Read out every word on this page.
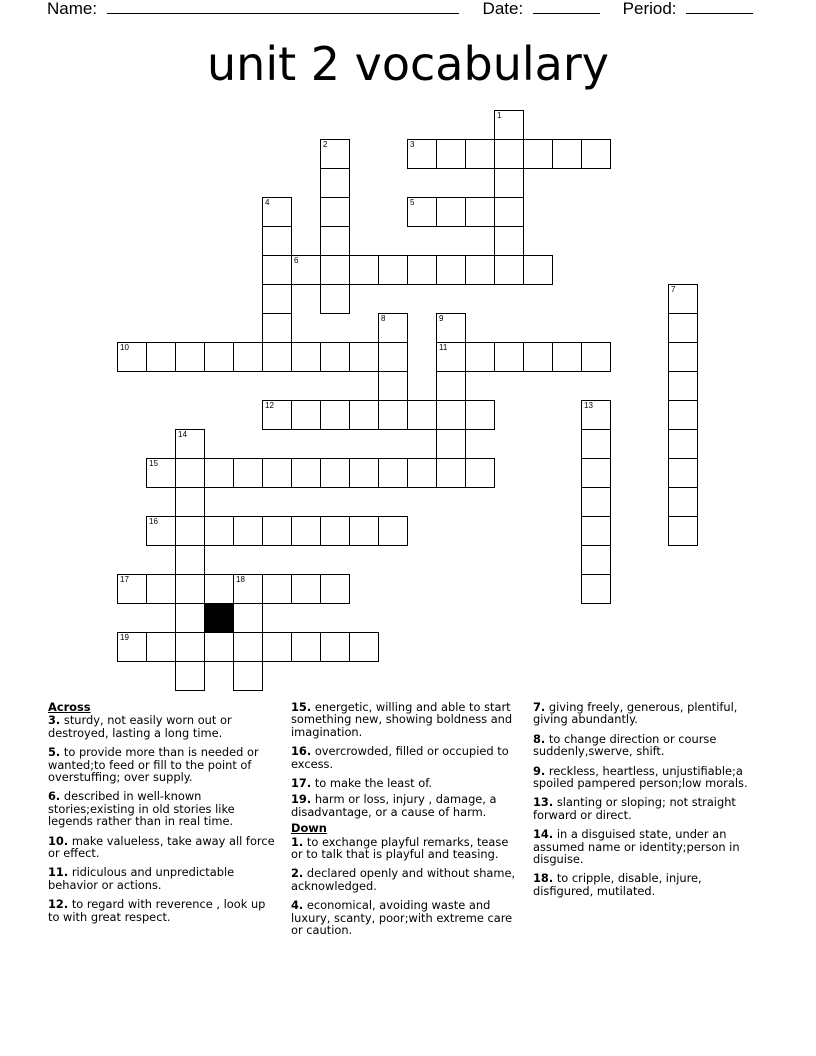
Name:	Date:	Period:
unit 2 vocabulary
1
2	3
4	5
6
7
8	9
11
10
12	13
14
15
16
17	18
19
Across
3. sturdy, not easily worn out or destroyed, lasting a long time.
5. to provide more than is needed or wanted;to feed or fill to the point of overstuffing; over supply.
6. described in well-known stories;existing in old stories like legends rather than in real time.
10. make valueless, take away all force or effect.
11. ridiculous and unpredictable behavior or actions.
12. to regard with reverence , look up to with great respect.
15. energetic, willing and able to start something new, showing boldness and imagination.
16. overcrowded, filled or occupied to excess.
17. to make the least of.
19. harm or loss, injury , damage, a disadvantage, or a cause of harm.
Down
1. to exchange playful remarks, tease or to talk that is playful and teasing.
2. declared openly and without shame, acknowledged.
4. economical, avoiding waste and luxury, scanty, poor;with extreme care or caution.
7. giving freely, generous, plentiful, giving abundantly.
8. to change direction or course suddenly,swerve, shift.
9. reckless, heartless, unjustifiable;a spoiled pampered person;low morals.
13. slanting or sloping; not straight forward or direct.
14. in a disguised state, under an assumed name or identity;person in disguise.
18. to cripple, disable, injure, disfigured, mutilated.
